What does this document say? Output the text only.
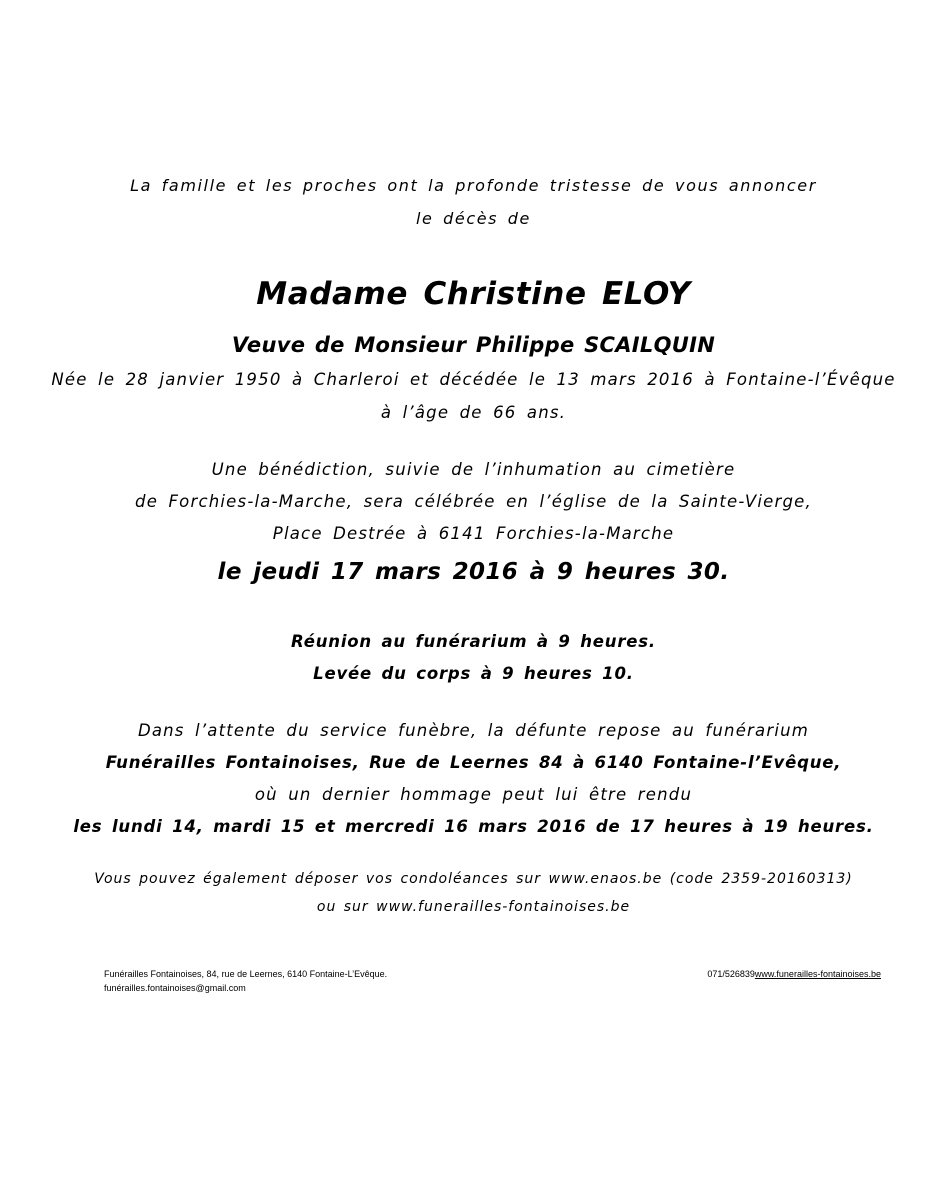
La famille et les proches ont la profonde tristesse de vous annoncer
le décès de
Madame Christine ELOY
Veuve de Monsieur Philippe SCAILQUIN
Née le 28 janvier 1950 à Charleroi et décédée le 13 mars 2016 à Fontaine-l’Évêque
à l’âge de 66 ans.
Une bénédiction, suivie de l’inhumation au cimetière
de Forchies-la-Marche, sera célébrée en l’église de la Sainte-Vierge,
Place Destrée à 6141 Forchies-la-Marche
le jeudi 17 mars 2016 à 9 heures 30.
Réunion au funérarium à 9 heures.
Levée du corps à 9 heures 10.
Dans l’attente du service funèbre, la défunte repose au funérarium
Funérailles Fontainoises, Rue de Leernes 84 à 6140 Fontaine-l’Evêque,
où un dernier hommage peut lui être rendu
les lundi 14, mardi 15 et mercredi 16 mars 2016 de 17 heures à 19 heures.
Vous pouvez également déposer vos condoléances sur www.enaos.be (code 2359-20160313)
ou sur www.funerailles-fontainoises.be
Funérailles Fontainoises, 84, rue de Leernes, 6140 Fontaine-L’Evêque.
funérailles.fontainoises@gmail.com
071/526839www.funerailles-fontainoises.be
